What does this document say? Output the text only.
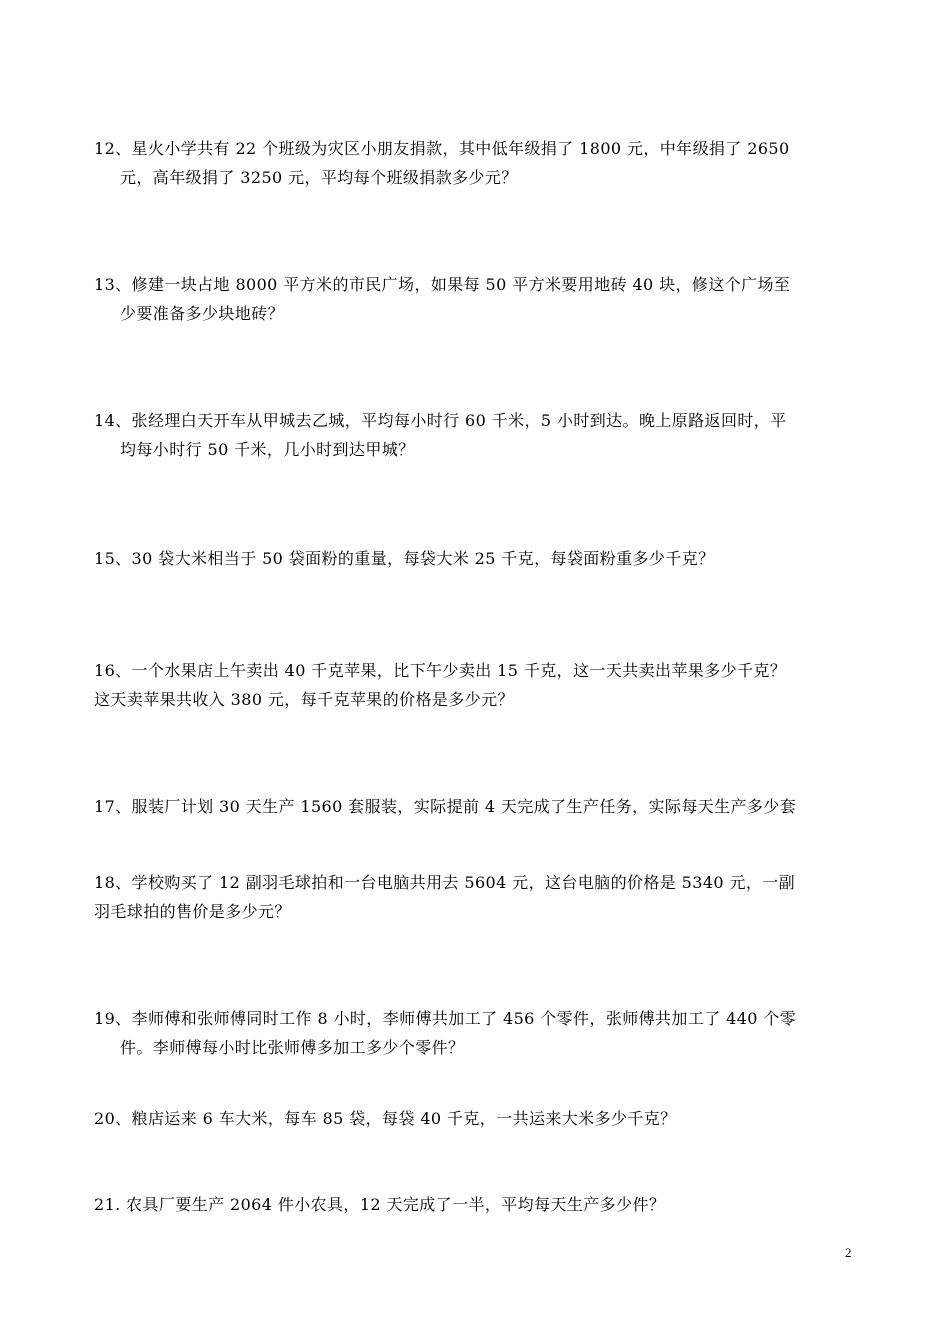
12、星火小学共有 22 个班级为灾区小朋友捐款，其中低年级捐了 1800 元，中年级捐了 2650
元，高年级捐了 3250 元，平均每个班级捐款多少元？
13、修建一块占地 8000 平方米的市民广场，如果每 50 平方米要用地砖 40 块，修这个广场至
少要准备多少块地砖？
14、张经理白天开车从甲城去乙城，平均每小时行 60 千米，5 小时到达。晚上原路返回时，平
均每小时行 50 千米，几小时到达甲城？
15、30 袋大米相当于 50 袋面粉的重量，每袋大米 25 千克，每袋面粉重多少千克？
16、一个水果店上午卖出 40 千克苹果，比下午少卖出 15 千克，这一天共卖出苹果多少千克？
这天卖苹果共收入 380 元，每千克苹果的价格是多少元？
17、服装厂计划 30 天生产 1560 套服装，实际提前 4 天完成了生产任务，实际每天生产多少套
18、学校购买了 12 副羽毛球拍和一台电脑共用去 5604 元，这台电脑的价格是 5340 元，一副
羽毛球拍的售价是多少元？
19、李师傅和张师傅同时工作 8 小时，李师傅共加工了 456 个零件，张师傅共加工了 440 个零
件。李师傅每小时比张师傅多加工多少个零件？
20、粮店运来 6 车大米，每车 85 袋，每袋 40 千克，一共运来大米多少千克？
21. 农具厂要生产 2064 件小农具，12 天完成了一半，平均每天生产多少件？
2
